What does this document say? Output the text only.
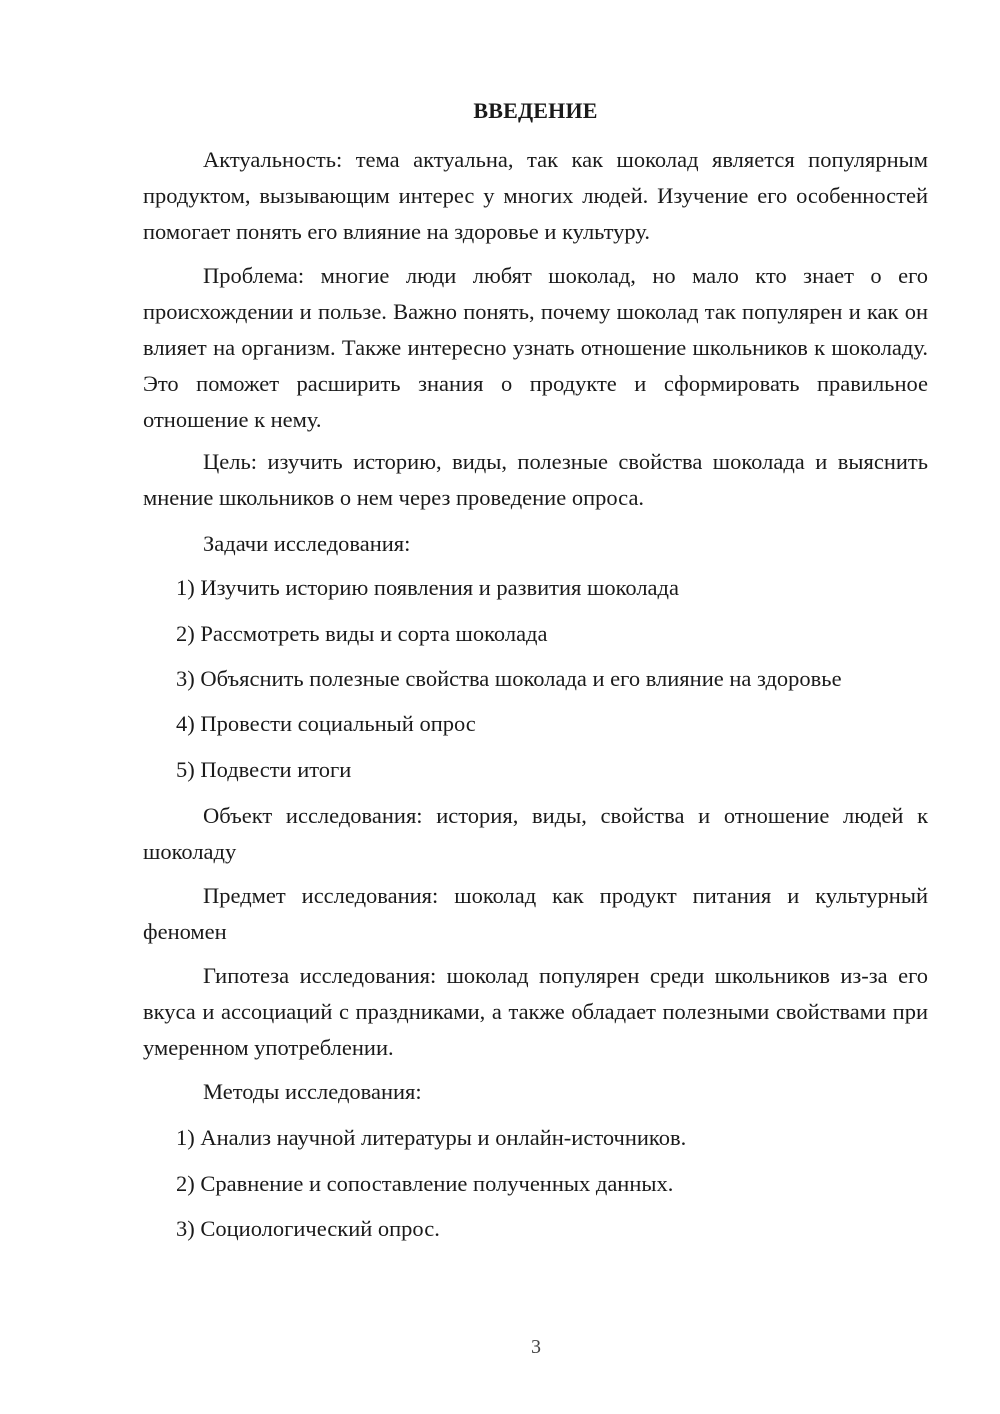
ВВЕДЕНИЕ

Актуальность: тема актуальна, так как шоколад является популярным продуктом, вызывающим интерес у многих людей. Изучение его особенностей помогает понять его влияние на здоровье и культуру.

Проблема: многие люди любят шоколад, но мало кто знает о его происхождении и пользе. Важно понять, почему шоколад так популярен и как он влияет на организм. Также интересно узнать отношение школьников к шоколаду. Это поможет расширить знания о продукте и сформировать правильное отношение к нему.

Цель: изучить историю, виды, полезные свойства шоколада и выяснить мнение школьников о нем через проведение опроса.

Задачи исследования:

1) Изучить историю появления и развития шоколада

2) Рассмотреть виды и сорта шоколада

3) Объяснить полезные свойства шоколада и его влияние на здоровье

4) Провести социальный опрос

5) Подвести итоги

Объект исследования: история, виды, свойства и отношение людей к шоколаду

Предмет исследования: шоколад как продукт питания и культурный феномен

Гипотеза исследования: шоколад популярен среди школьников из-за его вкуса и ассоциаций с праздниками, а также обладает полезными свойствами при умеренном употреблении.

Методы исследования:

1) Анализ научной литературы и онлайн-источников.

2) Сравнение и сопоставление полученных данных.

3) Социологический опрос.

3
